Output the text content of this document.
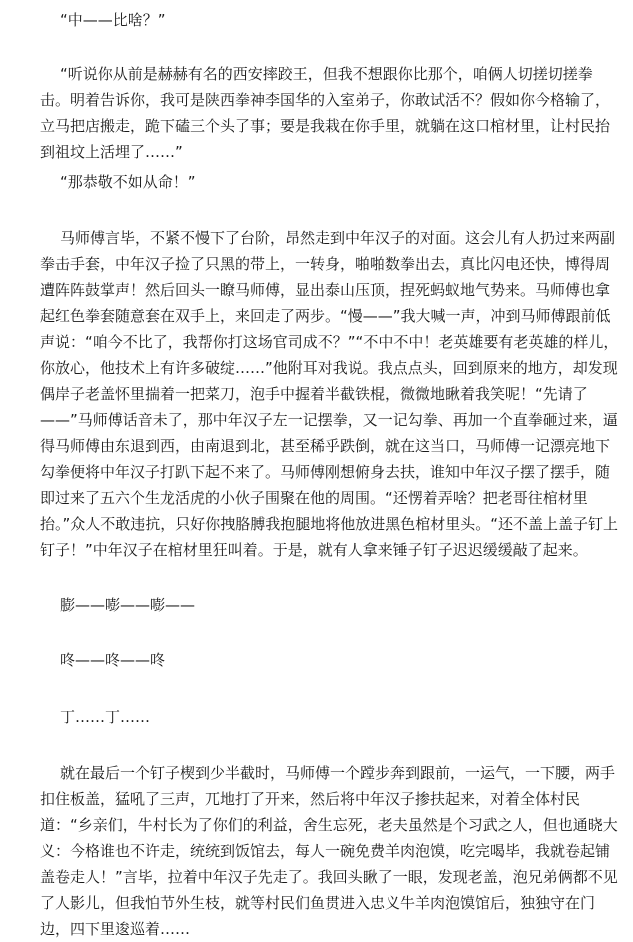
“中——比啥？”

“听说你从前是赫赫有名的西安摔跤王，但我不想跟你比那个，咱俩人切搓切搓拳击。明着告诉你，我可是陕西拳神李国华的入室弟子，你敢试活不？假如你今格输了，立马把店搬走，跪下磕三个头了事；要是我栽在你手里，就躺在这口棺材里，让村民抬到祖坟上活埋了……”

“那恭敬不如从命！”

马师傅言毕，不紧不慢下了台阶，昂然走到中年汉子的对面。这会儿有人扔过来两副拳击手套，中年汉子捡了只黑的带上，一转身，啪啪数拳出去，真比闪电还快，博得周遭阵阵鼓掌声！然后回头一瞭马师傅，显出泰山压顶，捏死蚂蚁地气势来。马师傅也拿起红色拳套随意套在双手上，来回走了两步。“慢——”我大喊一声，冲到马师傅跟前低声说：“咱今不比了，我帮你打这场官司成不？”“不中不中！老英雄要有老英雄的样儿，你放心，他技术上有许多破绽……”他附耳对我说。我点点头，回到原来的地方，却发现偶岸子老盖怀里揣着一把菜刀，泡手中握着半截铁棍，微微地瞅着我笑呢！“先请了——”马师傅话音未了，那中年汉子左一记摆拳，又一记勾拳、再加一个直拳砸过来，逼得马师傅由东退到西，由南退到北，甚至稀乎跌倒，就在这当口，马师傅一记漂亮地下勾拳便将中年汉子打趴下起不来了。马师傅刚想俯身去扶，谁知中年汉子摆了摆手，随即过来了五六个生龙活虎的小伙子围聚在他的周围。“还愣着弄啥？把老哥往棺材里抬。”众人不敢违抗，只好你拽胳膊我抱腿地将他放进黑色棺材里头。“还不盖上盖子钉上钉子！”中年汉子在棺材里狂叫着。于是，就有人拿来锤子钉子迟迟缓缓敲了起来。

膨——嘭——嘭——

咚——咚——咚

丁……丁……

就在最后一个钉子楔到少半截时，马师傅一个蹚步奔到跟前，一运气，一下腰，两手扣住板盖，猛吼了三声，兀地打了开来，然后将中年汉子掺扶起来，对着全体村民道：“乡亲们，牛村长为了你们的利益，舍生忘死，老夫虽然是个习武之人，但也通晓大义：今格谁也不许走，统统到饭馆去，每人一碗免费羊肉泡馍，吃完喝毕，我就卷起铺盖卷走人！”言毕，拉着中年汉子先走了。我回头瞅了一眼，发现老盖，泡兄弟俩都不见了人影儿，但我怕节外生枝，就等村民们鱼贯进入忠义牛羊肉泡馍馆后，独独守在门边，四下里逡巡着……
